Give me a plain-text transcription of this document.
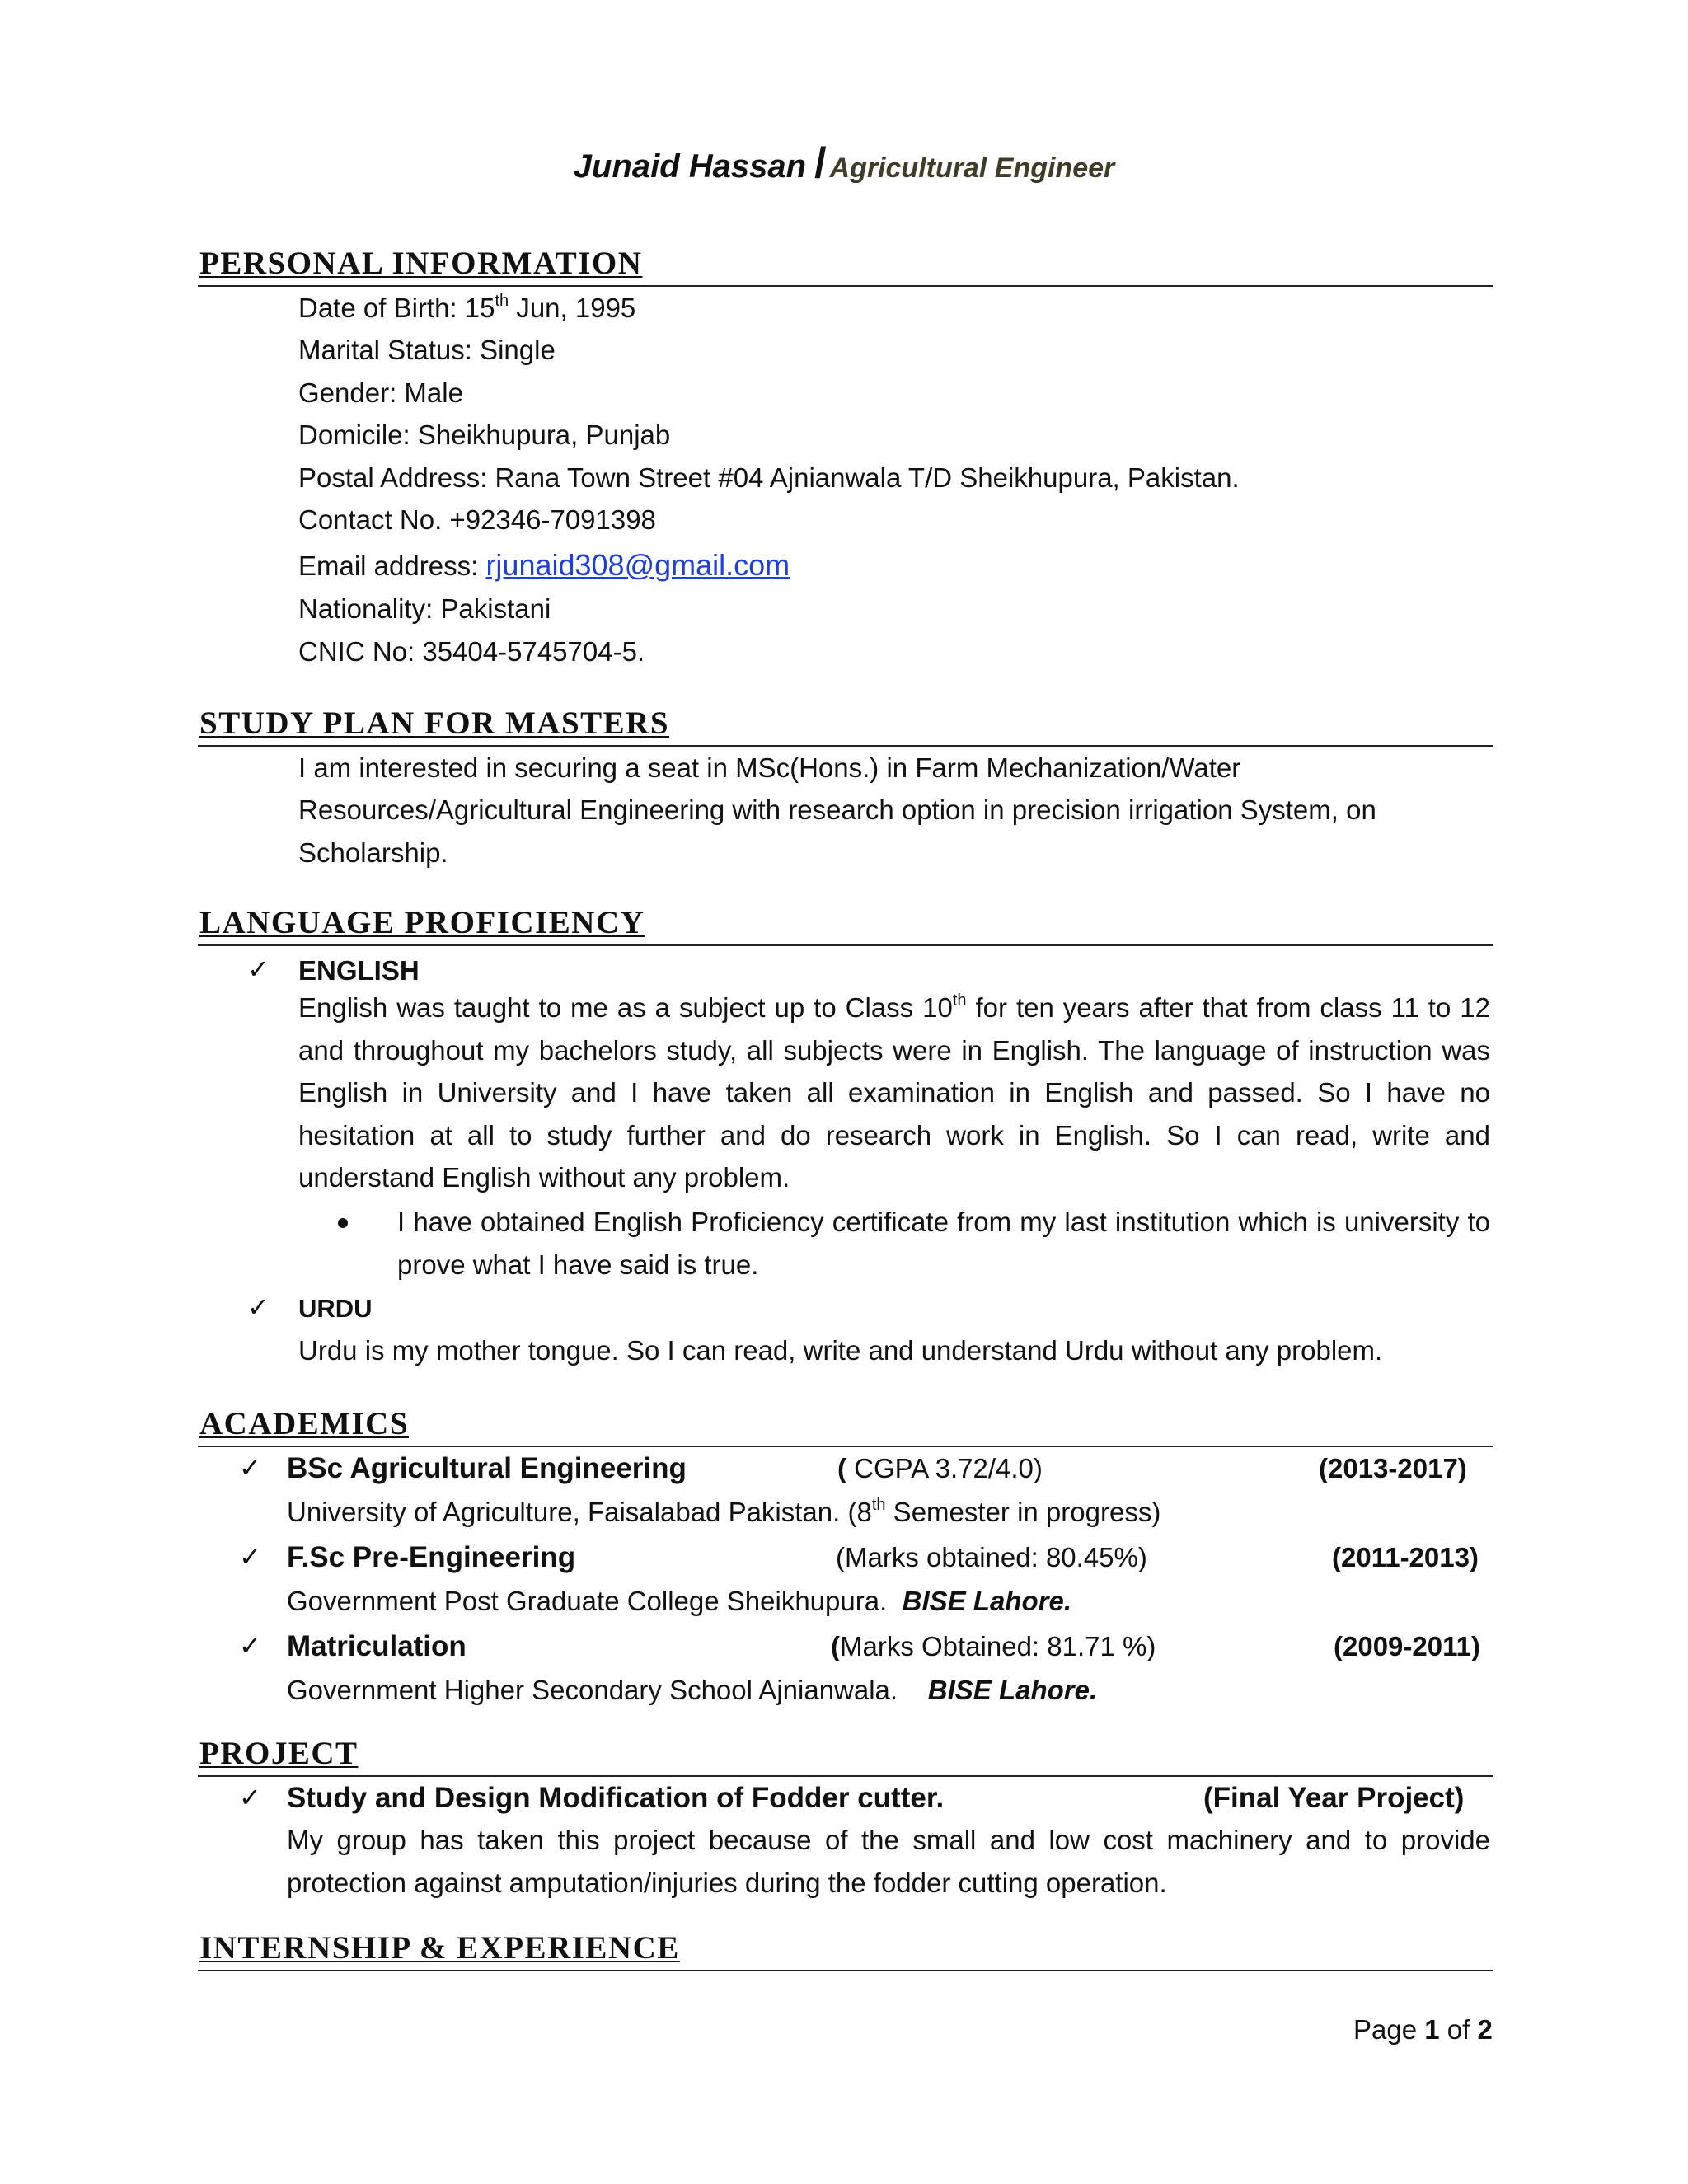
Junaid Hassan / Agricultural Engineer
PERSONAL INFORMATION
Date of Birth: 15th Jun, 1995
Marital Status: Single
Gender: Male
Domicile: Sheikhupura, Punjab
Postal Address: Rana Town Street #04 Ajnianwala T/D Sheikhupura, Pakistan.
Contact No. +92346-7091398
Email address: rjunaid308@gmail.com
Nationality: Pakistani
CNIC No: 35404-5745704-5.
STUDY PLAN FOR MASTERS
I am interested in securing a seat in MSc(Hons.) in Farm Mechanization/Water
Resources/Agricultural Engineering with research option in precision irrigation System, on
Scholarship.
LANGUAGE PROFICIENCY
✓ ENGLISH
English was taught to me as a subject up to Class 10th for ten years after that from class 11 to 12 and throughout my bachelors study, all subjects were in English. The language of instruction was English in University and I have taken all examination in English and passed. So I have no hesitation at all to study further and do research work in English. So I can read, write and understand English without any problem.
I have obtained English Proficiency certificate from my last institution which is university to prove what I have said is true.
✓ URDU
Urdu is my mother tongue. So I can read, write and understand Urdu without any problem.
ACADEMICS
✓ BSc Agricultural Engineering	( CGPA 3.72/4.0)	(2013-2017)
University of Agriculture, Faisalabad Pakistan. (8th Semester in progress)
✓ F.Sc Pre-Engineering	(Marks obtained: 80.45%)	(2011-2013)
Government Post Graduate College Sheikhupura. BISE Lahore.
✓ Matriculation	(Marks Obtained: 81.71 %)	(2009-2011)
Government Higher Secondary School Ajnianwala. BISE Lahore.
PROJECT
✓ Study and Design Modification of Fodder cutter.	(Final Year Project)
My group has taken this project because of the small and low cost machinery and to provide protection against amputation/injuries during the fodder cutting operation.
INTERNSHIP & EXPERIENCE
Page 1 of 2
